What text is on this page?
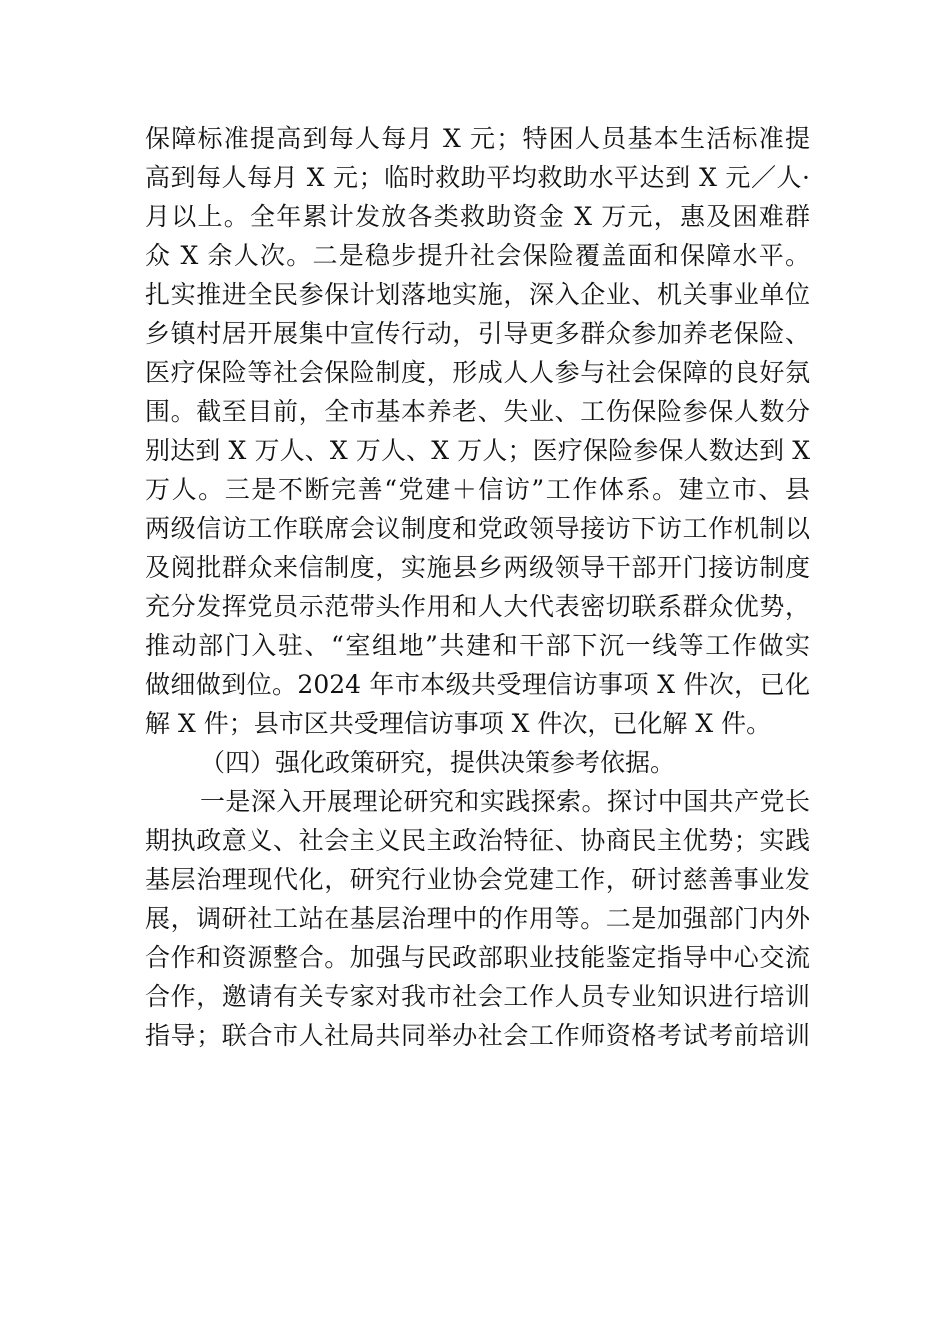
保障标准提高到每人每月 X 元；特困人员基本生活标准提
高到每人每月 X 元；临时救助平均救助水平达到 X 元／人·
月以上。全年累计发放各类救助资金 X 万元，惠及困难群
众 X 余人次。二是稳步提升社会保险覆盖面和保障水平。
扎实推进全民参保计划落地实施，深入企业、机关事业单位
乡镇村居开展集中宣传行动，引导更多群众参加养老保险、
医疗保险等社会保险制度，形成人人参与社会保障的良好氛
围。截至目前，全市基本养老、失业、工伤保险参保人数分
别达到 X 万人、X 万人、X 万人；医疗保险参保人数达到 X
万人。三是不断完善“党建＋信访”工作体系。建立市、县
两级信访工作联席会议制度和党政领导接访下访工作机制以
及阅批群众来信制度，实施县乡两级领导干部开门接访制度
充分发挥党员示范带头作用和人大代表密切联系群众优势，
推动部门入驻、“室组地”共建和干部下沉一线等工作做实
做细做到位。2024 年市本级共受理信访事项 X 件次，已化
解 X 件；县市区共受理信访事项 X 件次，已化解 X 件。
（四）强化政策研究，提供决策参考依据。
一是深入开展理论研究和实践探索。探讨中国共产党长
期执政意义、社会主义民主政治特征、协商民主优势；实践
基层治理现代化，研究行业协会党建工作，研讨慈善事业发
展，调研社工站在基层治理中的作用等。二是加强部门内外
合作和资源整合。加强与民政部职业技能鉴定指导中心交流
合作，邀请有关专家对我市社会工作人员专业知识进行培训
指导；联合市人社局共同举办社会工作师资格考试考前培训
